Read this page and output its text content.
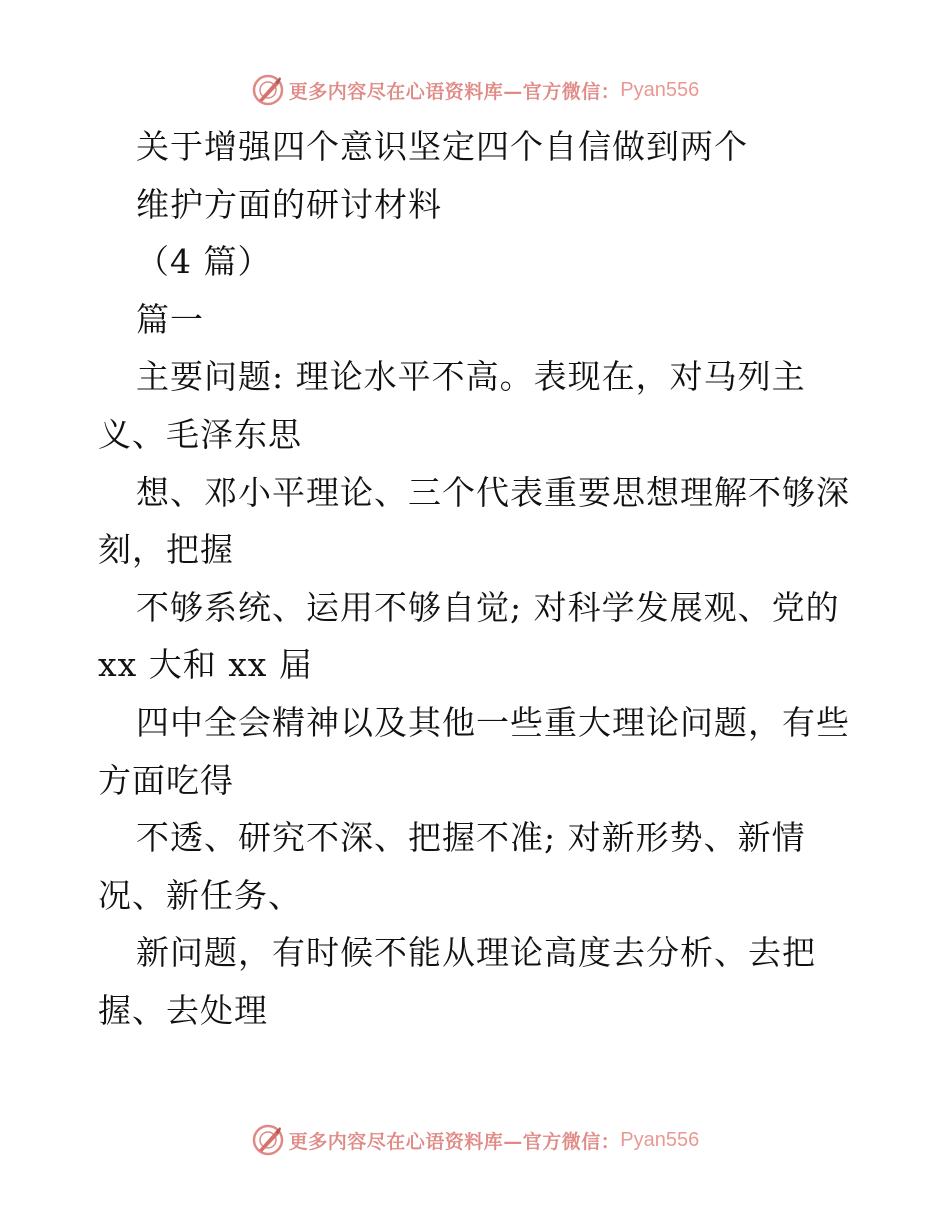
更多内容尽在心语资料库—官方微信： Pyan556
关于增强四个意识坚定四个自信做到两个
维护方面的研讨材料
（4 篇）
篇一
主要问题: 理论水平不高。表现在，对马列主
义、毛泽东思
想、邓小平理论、三个代表重要思想理解不够深
刻，把握
不够系统、运用不够自觉; 对科学发展观、党的
xx 大和 xx 届
四中全会精神以及其他一些重大理论问题，有些
方面吃得
不透、研究不深、把握不准; 对新形势、新情
况、新任务、
新问题，有时候不能从理论高度去分析、去把
握、去处理
更多内容尽在心语资料库—官方微信： Pyan556
